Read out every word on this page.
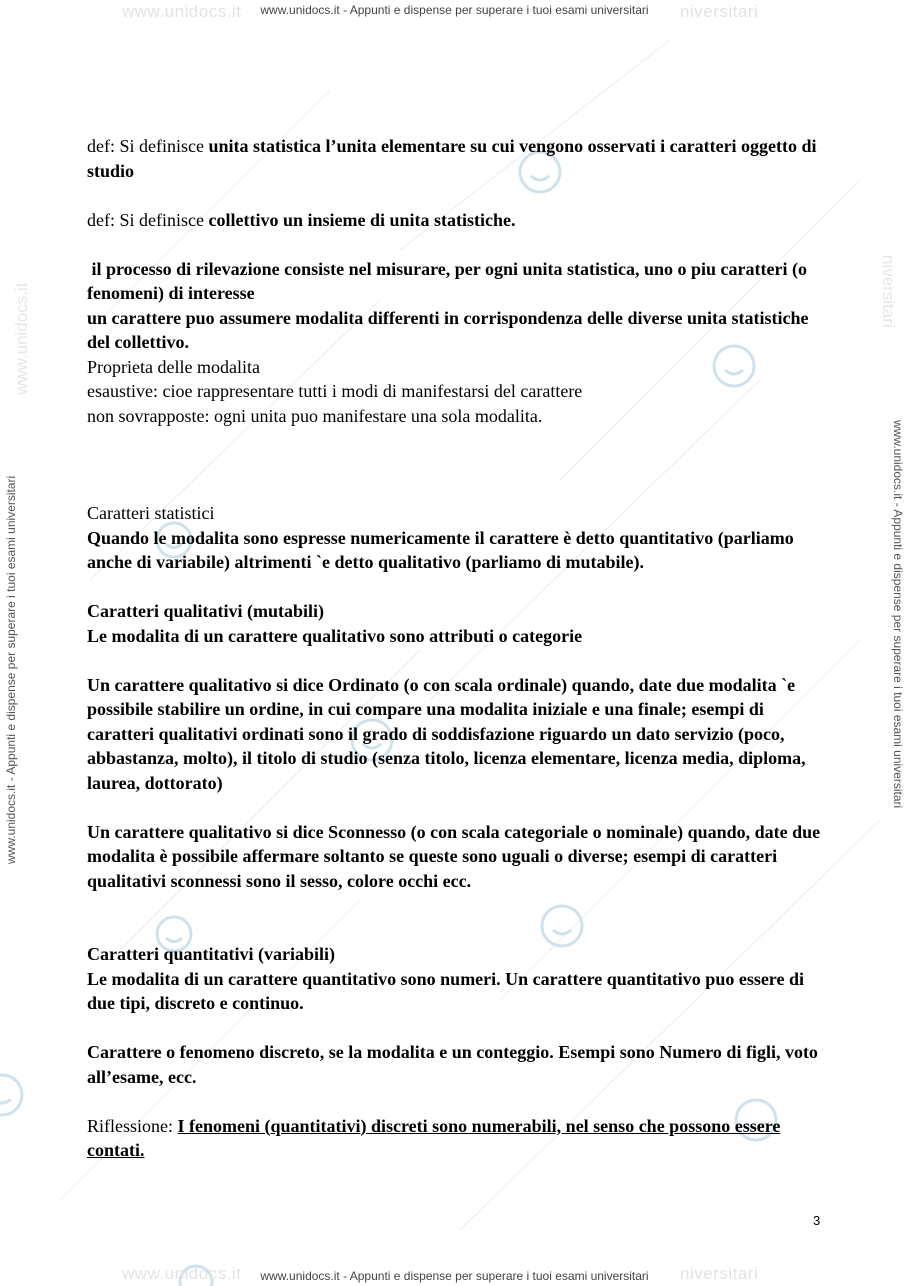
www.unidocs.it	niversitari
www.unidocs.it	niversitari
www.unidocs.it	niversitari
www.unidocs.it - Appunti e dispense per superare i tuoi esami universitari
www.unidocs.it - Appunti e dispense per superare i tuoi esami universitari
www.unidocs.it - Appunti e dispense per superare i tuoi esami universitari	www.unidocs.it - Appunti e dispense per superare i tuoi esami universitari

def: Si definisce unita statistica l’unita elementare su cui vengono osservati i caratteri oggetto di studio

def: Si definisce collettivo un insieme di unita statistiche.

il processo di rilevazione consiste nel misurare, per ogni unita statistica, uno o piu caratteri (o fenomeni) di interesse

un carattere puo assumere modalita differenti in corrispondenza delle diverse unita statistiche del collettivo.

Proprieta delle modalita

esaustive: cioe rappresentare tutti i modi di manifestarsi del carattere

non sovrapposte: ogni unita puo manifestare una sola modalita.

Caratteri statistici

Quando le modalita sono espresse numericamente il carattere è detto quantitativo (parliamo anche di variabile) altrimenti `e detto qualitativo (parliamo di mutabile).

Caratteri qualitativi (mutabili)

Le modalita di un carattere qualitativo sono attributi o categorie

Un carattere qualitativo si dice Ordinato (o con scala ordinale) quando, date due modalita `e possibile stabilire un ordine, in cui compare una modalita iniziale e una finale; esempi di caratteri qualitativi ordinati sono il grado di soddisfazione riguardo un dato servizio (poco, abbastanza, molto), il titolo di studio (senza titolo, licenza elementare, licenza media, diploma, laurea, dottorato)

Un carattere qualitativo si dice Sconnesso (o con scala categoriale o nominale) quando, date due modalita è possibile affermare soltanto se queste sono uguali o diverse; esempi di caratteri qualitativi sconnessi sono il sesso, colore occhi ecc.

Caratteri quantitativi (variabili)

Le modalita di un carattere quantitativo sono numeri. Un carattere quantitativo puo essere di due tipi, discreto e continuo.

Carattere o fenomeno discreto, se la modalita e un conteggio. Esempi sono Numero di figli, voto all’esame, ecc.

Riflessione: I fenomeni (quantitativi) discreti sono numerabili, nel senso che possono essere contati.

3
